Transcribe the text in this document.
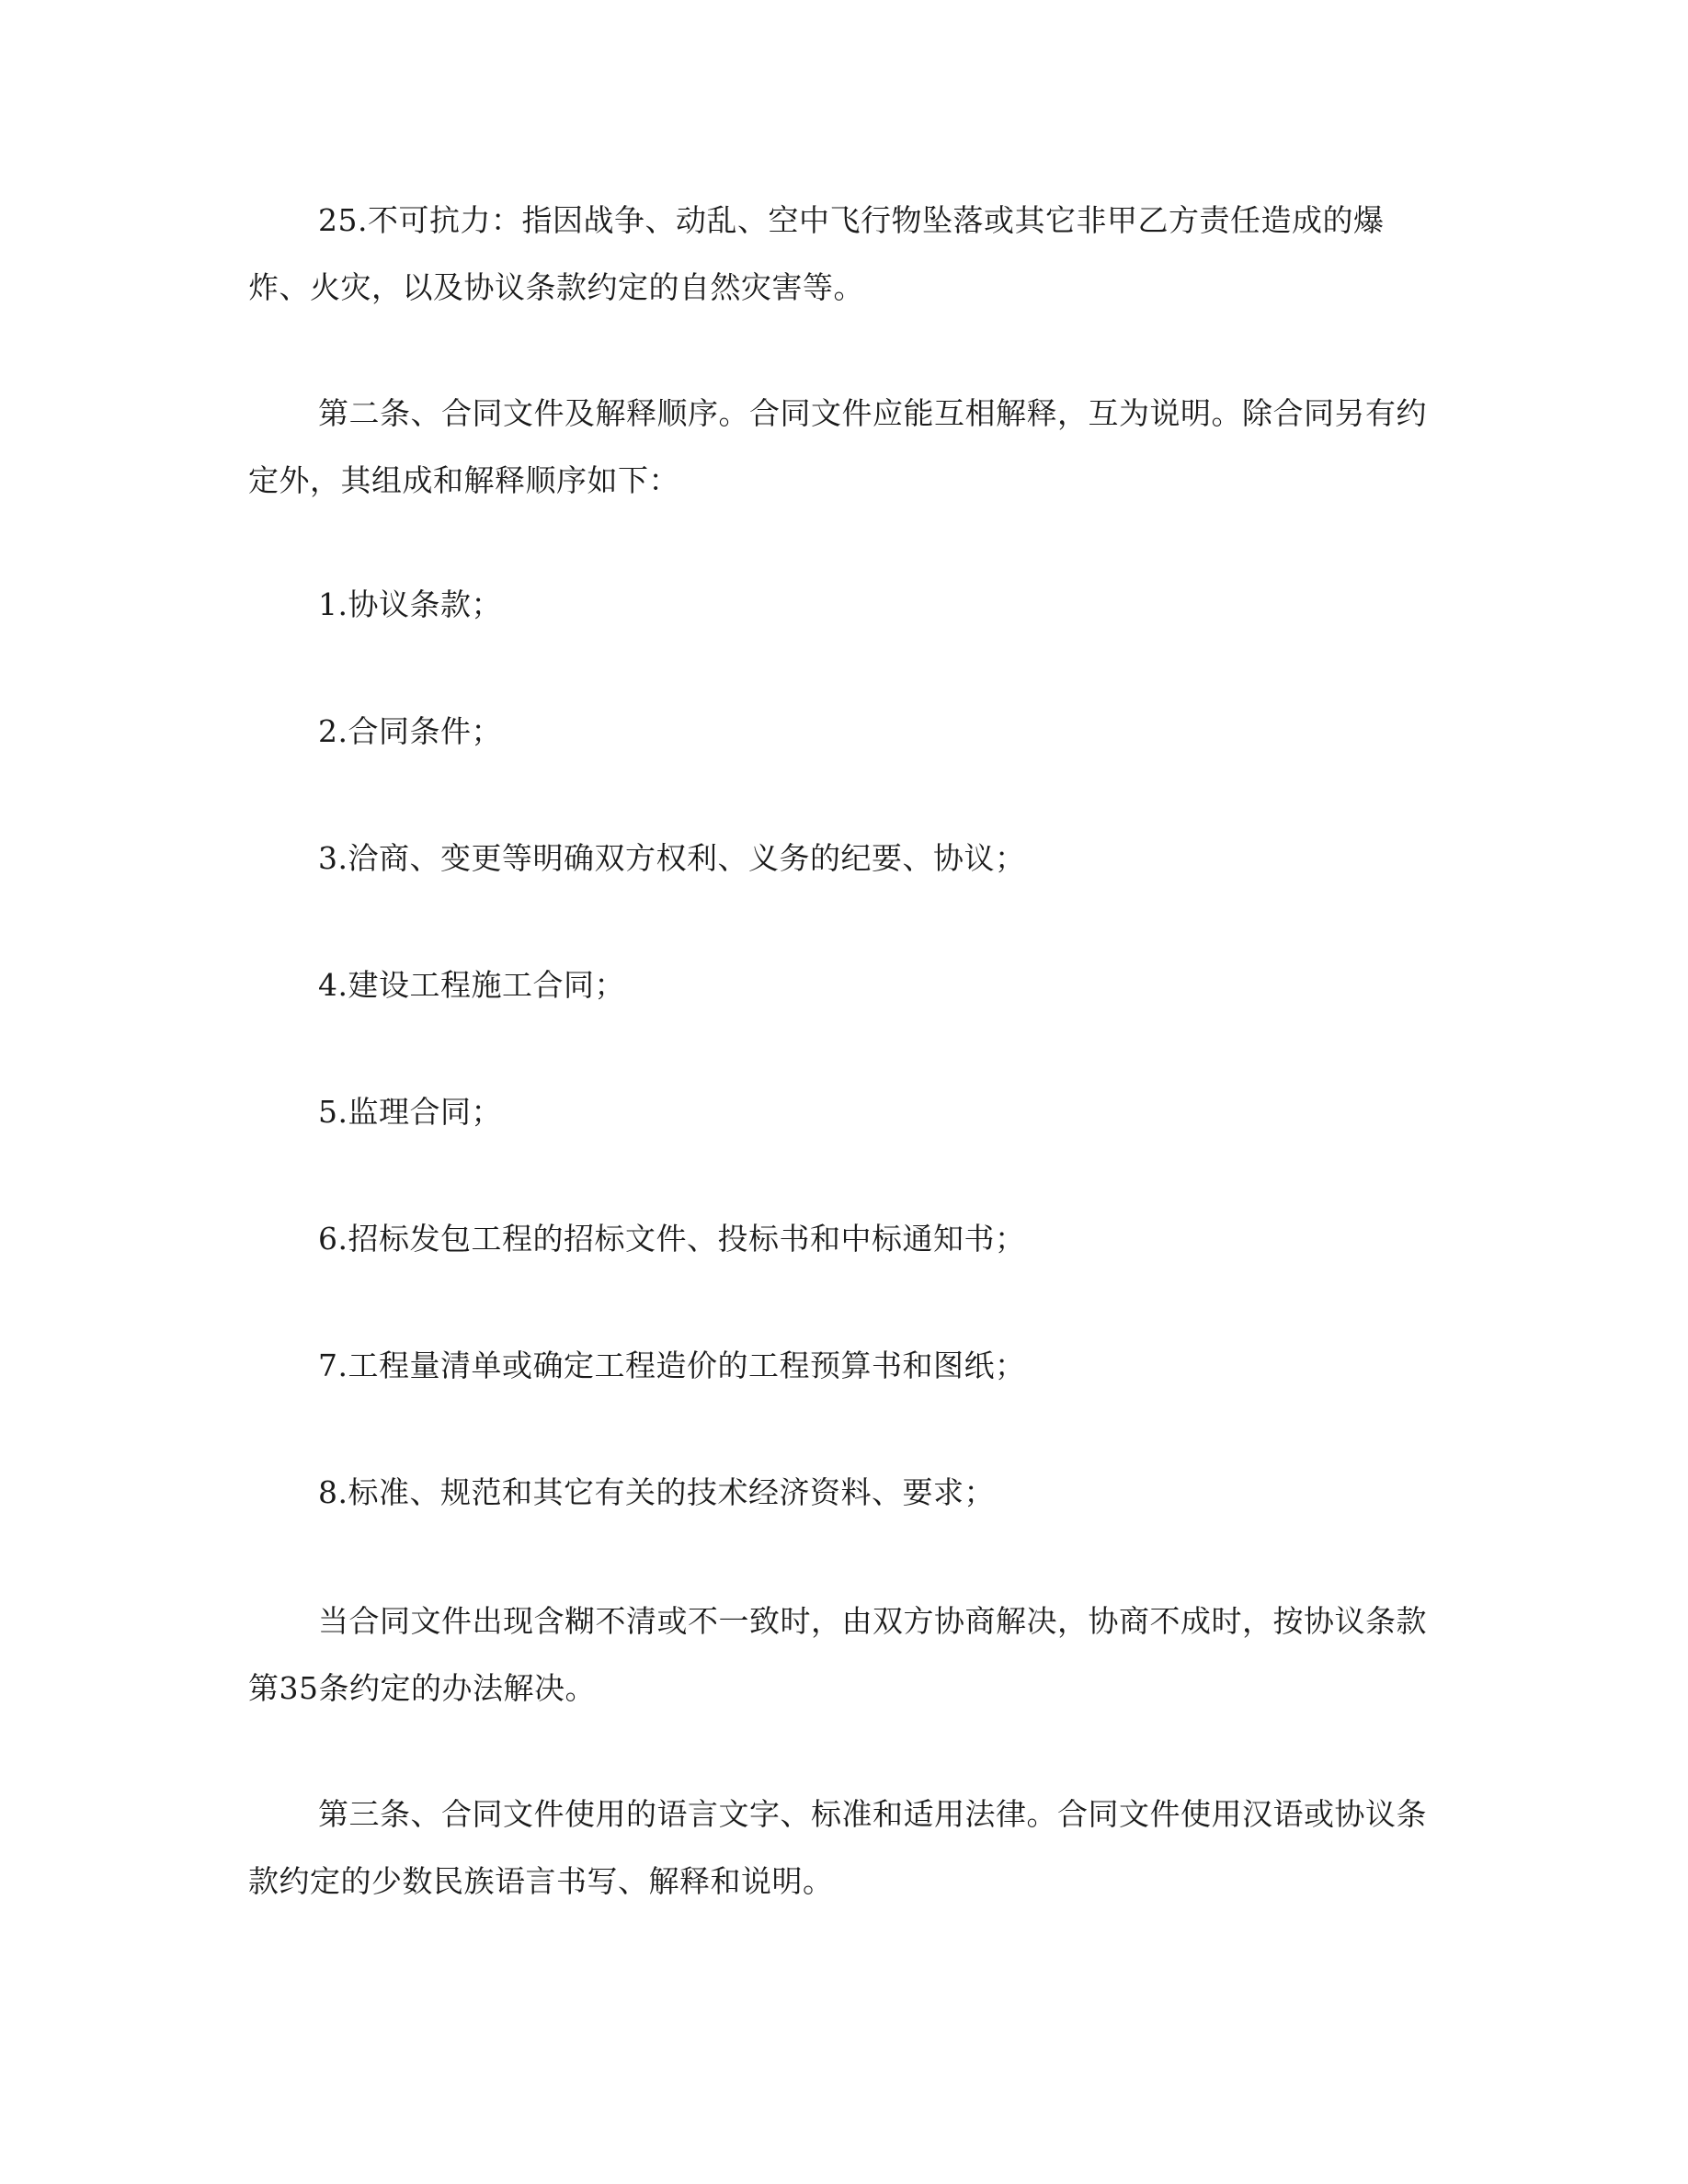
25.不可抗力：指因战争、动乱、空中飞行物坠落或其它非甲乙方责任造成的爆炸、火灾，以及协议条款约定的自然灾害等。

第二条、合同文件及解释顺序。合同文件应能互相解释，互为说明。除合同另有约定外，其组成和解释顺序如下：

1.协议条款；

2.合同条件；

3.洽商、变更等明确双方权利、义务的纪要、协议；

4.建设工程施工合同；

5.监理合同；

6.招标发包工程的招标文件、投标书和中标通知书；

7.工程量清单或确定工程造价的工程预算书和图纸；

8.标准、规范和其它有关的技术经济资料、要求；

当合同文件出现含糊不清或不一致时，由双方协商解决，协商不成时，按协议条款第35条约定的办法解决。

第三条、合同文件使用的语言文字、标准和适用法律。合同文件使用汉语或协议条款约定的少数民族语言书写、解释和说明。
